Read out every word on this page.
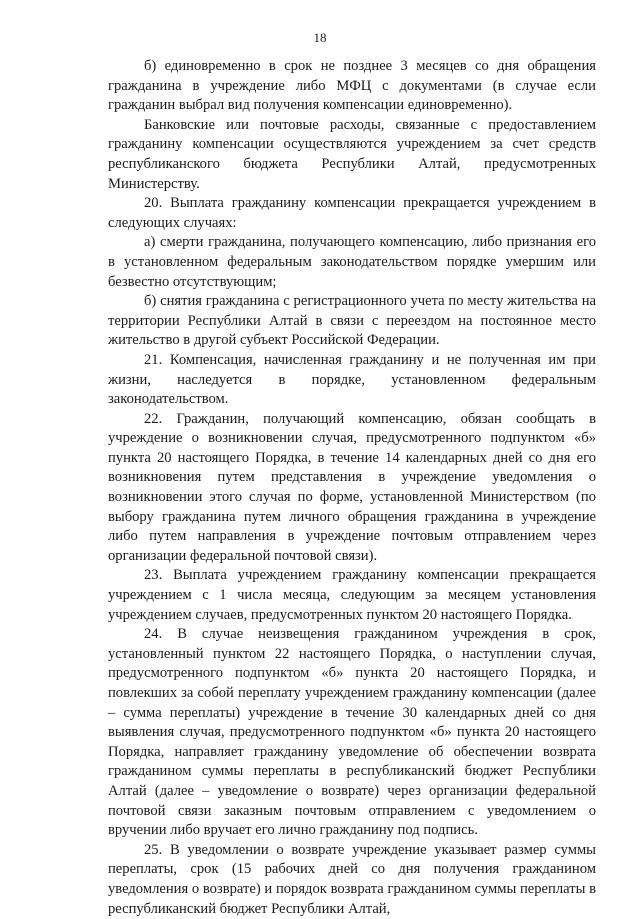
18

б) единовременно в срок не позднее 3 месяцев со дня обращения гражданина в учреждение либо МФЦ с документами (в случае если гражданин выбрал вид получения компенсации единовременно).

Банковские или почтовые расходы, связанные с предоставлением гражданину компенсации осуществляются учреждением за счет средств республиканского бюджета Республики Алтай, предусмотренных Министерству.

20. Выплата гражданину компенсации прекращается учреждением в следующих случаях:

а) смерти гражданина, получающего компенсацию, либо признания его в установленном федеральным законодательством порядке умершим или безвестно отсутствующим;

б) снятия гражданина с регистрационного учета по месту жительства на территории Республики Алтай в связи с переездом на постоянное место жительство в другой субъект Российской Федерации.

21. Компенсация, начисленная гражданину и не полученная им при жизни, наследуется в порядке, установленном федеральным законодательством.

22. Гражданин, получающий компенсацию, обязан сообщать в учреждение о возникновении случая, предусмотренного подпунктом «б» пункта 20 настоящего Порядка, в течение 14 календарных дней со дня его возникновения путем представления в учреждение уведомления о возникновении этого случая по форме, установленной Министерством (по выбору гражданина путем личного обращения гражданина в учреждение либо путем направления в учреждение почтовым отправлением через организации федеральной почтовой связи).

23. Выплата учреждением гражданину компенсации прекращается учреждением с 1 числа месяца, следующим за месяцем установления учреждением случаев, предусмотренных пунктом 20 настоящего Порядка.

24. В случае неизвещения гражданином учреждения в срок, установленный пунктом 22 настоящего Порядка, о наступлении случая, предусмотренного подпунктом «б» пункта 20 настоящего Порядка, и повлекших за собой переплату учреждением гражданину компенсации (далее – сумма переплаты) учреждение в течение 30 календарных дней со дня выявления случая, предусмотренного подпунктом «б» пункта 20 настоящего Порядка, направляет гражданину уведомление об обеспечении возврата гражданином суммы переплаты в республиканский бюджет Республики Алтай (далее – уведомление о возврате) через организации федеральной почтовой связи заказным почтовым отправлением с уведомлением о вручении либо вручает его лично гражданину под подпись.

25. В уведомлении о возврате учреждение указывает размер суммы переплаты, срок (15 рабочих дней со дня получения гражданином уведомления о возврате) и порядок возврата гражданином суммы переплаты в республиканский бюджет Республики Алтай,
